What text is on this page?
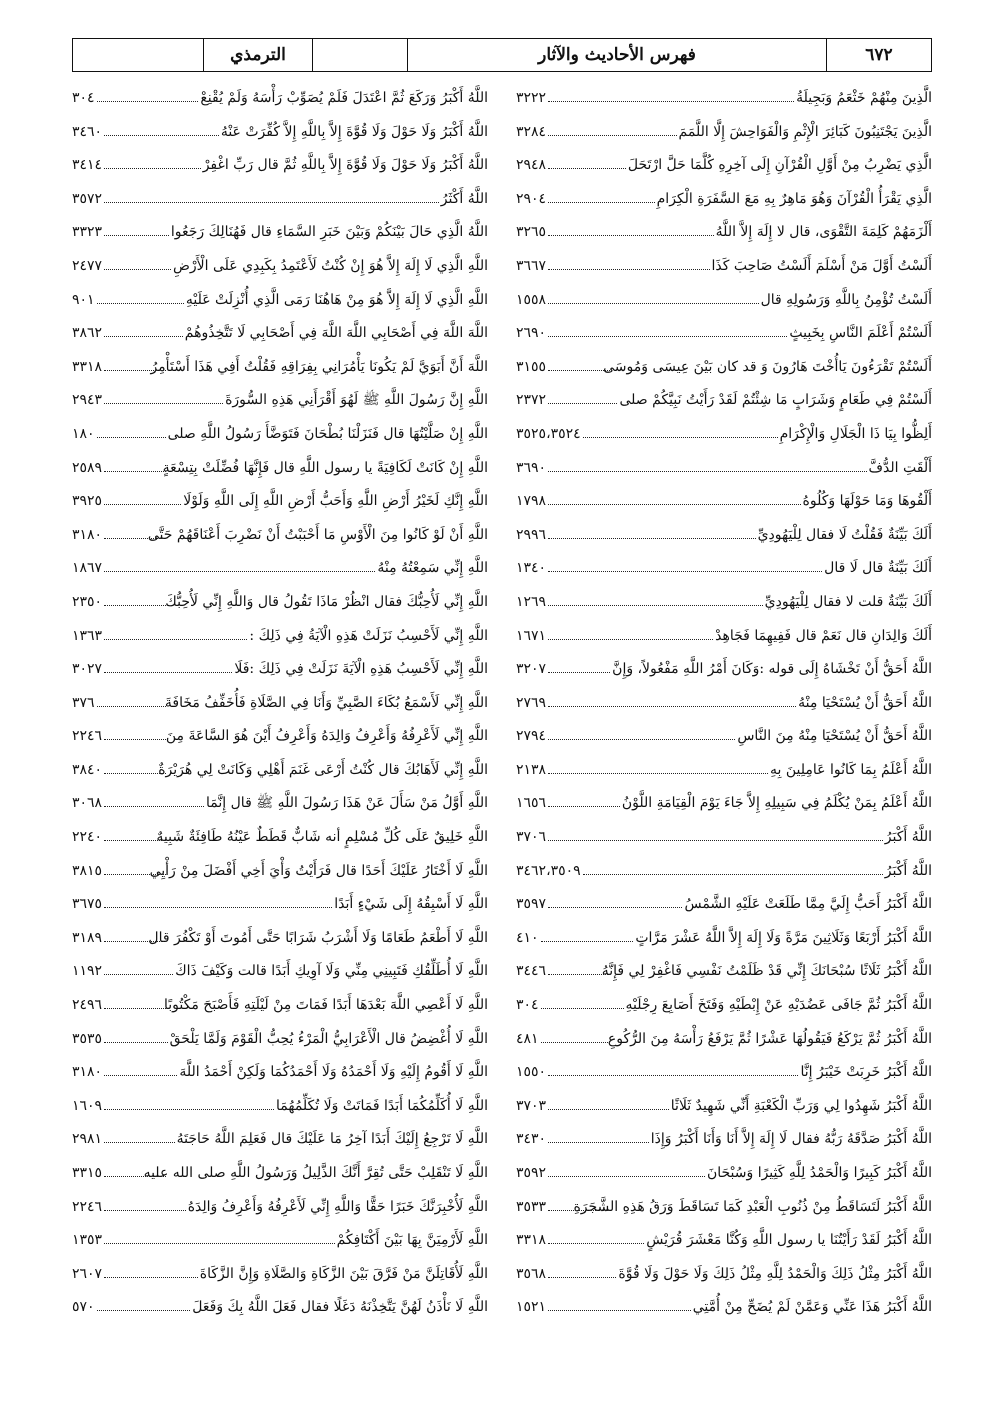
٦٧٢
فهرس الأحاديث والآثار
الترمذي
الَّذِينَ مِنْهُمْ خَثْعَمُ وَبَجِيلَةُ
٣٢٢٢
الَّذِينَ يَجْتَنِبُونَ كَبَائِرَ الْإِثْمِ وَالْفَوَاحِشَ إِلَّا اللَّمَمَ
٣٢٨٤
الَّذِي يَضْرِبُ مِنْ أَوَّلِ الْقُرْآنِ إِلَى آخِرِهِ كُلَّمَا حَلَّ ارْتَحَلَ
٢٩٤٨
الَّذِي يَقْرَأُ الْقُرْآنَ وَهُوَ مَاهِرٌ بِهِ مَعَ السَّفَرَةِ الْكِرَامِ
٢٩٠٤
أَلْزَمَهُمْ كَلِمَةَ التَّقْوَى، قال لا إِلَهَ إِلاَّ اللَّهُ
٣٢٦٥
أَلَسْتُ أَوَّلَ مَنْ أَسْلَمَ أَلَسْتُ صَاحِبَ كَذَا
٣٦٦٧
أَلَسْتُ تُؤْمِنُ بِاللَّهِ وَرَسُولِهِ قال
١٥٥٨
أَلَسْتُمْ أَعْلَمَ النَّاسِ بِخَبِيثٍ
٢٦٩٠
أَلَسْتُمْ تَقْرَءُونَ يَاأُخْتَ هَارُونَ وَ قد كان بَيْنَ عِيسَى وَمُوسَى
٣١٥٥
أَلَسْتُمْ فِي طَعَامٍ وَشَرَابٍ مَا شِئْتُمْ لَقَدْ رَأَيْتُ نَبِيَّكُمْ صلى
٢٣٧٢
أَلِظُّوا بِيَا ذَا الْجَلَالِ وَالْإِكْرَامِ
٣٥٢٥،٣٥٢٤
أَلْقَتِ الدُّفَّ
٣٦٩٠
أَلْقُوهَا وَمَا حَوْلَهَا وَكُلُوهُ
١٧٩٨
أَلَكَ بَيِّنَةٌ فَقُلْتُ لَا فقال لِلْيَهُودِيِّ
٢٩٩٦
أَلَكَ بَيِّنَةٌ قال لَا قال
١٣٤٠
أَلَكَ بَيِّنَةٌ قلت لا فقال لِلْيَهُودِيِّ
١٢٦٩
أَلَكَ وَالِدَانِ قال نَعَمْ قال فَفِيهِمَا فَجَاهِدْ
١٦٧١
اللَّهُ أَحَقُّ أَنْ تَخْشَاهُ إِلَى قوله :وَكَانَ أَمْرُ اللَّهِ مَفْعُولاً، وَإِنَّ
٣٢٠٧
اللَّهُ أَحَقُّ أَنْ يُسْتَحْيَا مِنْهُ
٢٧٦٩
اللَّهُ أَحَقُّ أَنْ يُسْتَحْيَا مِنْهُ مِنَ النَّاسِ
٢٧٩٤
اللَّهُ أَعْلَمُ بِمَا كَانُوا عَامِلِينَ بِهِ
٢١٣٨
اللَّهُ أَعْلَمُ بِمَنْ يُكْلَمُ فِي سَبِيلِهِ إِلاَّ جَاءَ يَوْمَ الْقِيَامَةِ اللَّوْنُ
١٦٥٦
اللَّهُ أَكْبَرُ
٣٧٠٦
اللَّهُ أَكْبَرُ
٣٤٦٢،٣٥٠٩
اللَّهُ أَكْبَرُ أَحَبُّ إِلَيَّ مِمَّا طَلَعَتْ عَلَيْهِ الشَّمْسُ
٣٥٩٧
اللَّهُ أَكْبَرُ أَرْبَعًا وَثَلَاثِينَ مَرَّةً وَلَا إِلَهَ إِلاَّ اللَّهُ عَشْرَ مَرَّاتٍ
٤١٠
اللَّهُ أَكْبَرُ ثَلَاثًا سُبْحَانَكَ إِنِّي قَدْ ظَلَمْتُ نَفْسِي فَاغْفِرْ لِي فَإِنَّهُ
٣٤٤٦
اللَّهُ أَكْبَرُ ثُمَّ جَافَى عَضُدَيْهِ عَنْ إِبْطَيْهِ وَفَتَخَ أَصَابِعَ رِجْلَيْهِ
٣٠٤
اللَّهُ أَكْبَرُ ثُمَّ يَرْكَعُ فَيَقُولُهَا عَشْرًا ثُمَّ يَرْفَعُ رَأْسَهُ مِنَ الرُّكُوعِ
٤٨١
اللَّهُ أَكْبَرُ خَرِبَتْ خَيْبَرُ إِنَّا
١٥٥٠
اللَّهُ أَكْبَرُ شَهِدُوا لِي وَرَبِّ الْكَعْبَةِ أَنِّي شَهِيدٌ ثَلَاثًا
٣٧٠٣
اللَّهُ أَكْبَرُ صَدَّقَهُ رَبُّهُ فقال لَا إِلَهَ إِلاَّ أَنَا وَأَنَا أَكْبَرُ وَإِذَا
٣٤٣٠
اللَّهُ أَكْبَرُ كَبِيرًا وَالْحَمْدُ لِلَّهِ كَثِيرًا وَسُبْحَانَ
٣٥٩٢
اللَّهُ أَكْبَرُ لَتَسَاقَطُ مِنْ ذُنُوبِ الْعَبْدِ كَمَا تَسَاقَطَ وَرَقُ هَذِهِ الشَّجَرَةِ
٣٥٣٣
اللَّهُ أَكْبَرُ لَقَدْ رَأَيْتُنَا يا رسول اللَّهِ وَكُنَّا مَعْشَرَ قُرَيْشٍ
٣٣١٨
اللَّهُ أَكْبَرُ مِثْلُ ذَلِكَ وَالْحَمْدُ لِلَّهِ مِثْلُ ذَلِكَ وَلَا حَوْلَ وَلَا قُوَّةَ
٣٥٦٨
اللَّهُ أَكْبَرُ هَذَا عَنِّي وَعَمَّنْ لَمْ يُضَحِّ مِنْ أُمَّتِي
١٥٢١
اللَّهُ أَكْبَرُ وَرَكَعَ ثُمَّ اعْتَدَلَ فَلَمْ يُصَوِّبْ رَأْسَهُ وَلَمْ يُقْنِعْ
٣٠٤
اللَّهُ أَكْبَرُ وَلَا حَوْلَ وَلَا قُوَّةَ إِلاَّ بِاللَّهِ إِلاَّ كُفِّرَتْ عَنْهُ
٣٤٦٠
اللَّهُ أَكْبَرُ وَلَا حَوْلَ وَلَا قُوَّةَ إِلاَّ بِاللَّهِ ثُمَّ قال رَبِّ اغْفِرْ
٣٤١٤
اللَّهُ أَكْثَرُ
٣٥٧٢
اللَّهُ الَّذِي حَالَ بَيْنَكُمْ وَبَيْنَ خَبَرِ السَّمَاءِ قال فَهُنَالِكَ رَجَعُوا
٣٣٢٣
اللَّهِ الَّذِي لَا إِلَهَ إِلاَّ هُوَ إِنْ كُنْتُ لَأَعْتَمِدُ بِكَبِدِي عَلَى الْأَرْضِ
٢٤٧٧
اللَّهِ الَّذِي لَا إِلَهَ إِلاَّ هُوَ مِنْ هَاهُنَا رَمَى الَّذِي أُنْزِلَتْ عَلَيْهِ
٩٠١
اللَّهَ اللَّهَ فِي أَصْحَابِي اللَّهَ اللَّهَ فِي أَصْحَابِي لَا تَتَّخِذُوهُمْ
٣٨٦٢
اللَّهَ أَنَّ أَبَوَيَّ لَمْ يَكُونَا يَأْمُرَانِي بِفِرَاقِهِ فَقُلْتُ أَفِي هَذَا أَسْتَأْمِرُ
٣٣١٨
اللَّهِ إِنَّ رَسُولَ اللَّهِ ﷺ لَهُوَ أَقْرَأَنِي هَذِهِ السُّورَةَ
٢٩٤٣
اللَّهِ إِنْ صَلَّيْتُهَا قال فَنَزَلْنَا بُطْحَانَ فَتَوَضَّأَ رَسُولُ اللَّهِ صلى
١٨٠
اللَّهِ إِنْ كَانَتْ لَكَافِيَةً يا رسول اللَّهِ قال فَإِنَّهَا فُضِّلَتْ بِتِسْعَةٍ
٢٥٨٩
اللَّهِ إِنَّكِ لَخَيْرُ أَرْضِ اللَّهِ وَأَحَبُّ أَرْضِ اللَّهِ إِلَى اللَّهِ وَلَوْلَا
٣٩٢٥
اللَّهِ أَنْ لَوْ كَانُوا مِنَ الْأَوْسِ مَا أَحْبَبْتُ أَنْ نَضْرِبَ أَعْنَاقَهُمْ حَتَّى
٣١٨٠
اللَّهِ إِنِّي سَمِعْتُهُ مِنْهُ
١٨٦٧
اللَّهِ إِنِّي لَأُحِبُّكَ فقال انْظُرْ مَاذَا تَقُولُ قال وَاللَّهِ إِنِّي لَأُحِبُّكَ
٢٣٥٠
اللَّهِ إِنِّي لَأَحْسِبُ نَزَلَتْ هَذِهِ الْآيَةُ فِي ذَلِكَ :
١٣٦٣
اللَّهِ إِنِّي لَأَحْسِبُ هَذِهِ الْآيَةَ نَزَلَتْ فِي ذَلِكَ :فَلَا
٣٠٢٧
اللَّهِ إِنِّي لَأَسْمَعُ بُكَاءَ الصَّبِيِّ وَأَنَا فِي الصَّلَاةِ فَأُخَفِّفُ مَخَافَةَ
٣٧٦
اللَّهِ إِنِّي لَأَعْرِفُهُ وَأَعْرِفُ وَالِدَهُ وَأَعْرِفُ أَيْنَ هُوَ السَّاعَةَ مِنَ
٢٢٤٦
اللَّهِ إِنِّي لَأَهَابُكَ قال كُنْتُ أَرْعَى غَنَمَ أَهْلِي وَكَانَتْ لِي هُرَيْرَةٌ
٣٨٤٠
اللَّهِ أَوَّلُ مَنْ سَأَلَ عَنْ هَذَا رَسُولَ اللَّهِ ﷺ قال إِنَّمَا
٣٠٦٨
اللَّهِ خَلِيقٌ عَلَى كُلِّ مُسْلِمٍ أنه شَابٌّ قَطَطٌ عَيْنُهُ طَافِئَةٌ شَبِيهٌ
٢٢٤٠
اللَّهِ لَا أَخْتَارُ عَلَيْكَ أَحَدًا قال فَرَأَيْتُ وَأْيَ أَخِي أَفْضَلَ مِنْ رَأْيِي
٣٨١٥
اللَّهِ لَا أَسْبِقُهُ إِلَى شَيْءٍ أَبَدًا
٣٦٧٥
اللَّهِ لَا أَطْعَمُ طَعَامًا وَلَا أَشْرَبُ شَرَابًا حَتَّى أَمُوتَ أَوْ تَكْفُرَ قال
٣١٨٩
اللَّهِ لَا أُطَلِّقُكِ فَتَبِينِي مِنِّي وَلَا آوِيكِ أَبَدًا قالت وَكَيْفَ ذَاكَ
١١٩٢
اللَّهِ لَا أَعْصِي اللَّهَ بَعْدَهَا أَبَدًا فَمَاتَ مِنْ لَيْلَتِهِ فَأَصْبَحَ مَكْتُوبًا
٢٤٩٦
اللَّهِ لَا أُغْضِضُ قال الْأَعْرَابِيُّ الْمَرْءُ يُحِبُّ الْقَوْمَ وَلَمَّا يَلْحَقْ
٣٥٣٥
اللَّهِ لَا أَقُومُ إِلَيْهِ وَلَا أَحْمَدُهُ وَلَا أَحْمَدُكُمَا وَلَكِنْ أَحْمَدُ اللَّهَ
٣١٨٠
اللَّهِ لَا أُكَلِّمُكُمَا أَبَدًا فَمَاتَتْ وَلَا تُكَلِّمُهُمَا
١٦٠٩
اللَّهِ لَا تَرْجِعُ إِلَيْكَ أَبَدًا آخِرُ مَا عَلَيْكَ قال فَعَلِمَ اللَّهُ حَاجَتَهُ
٢٩٨١
اللَّهِ لَا تَنْقَلِبْ حَتَّى تُقِرَّ أَنَّكَ الذَّلِيلُ وَرَسُولُ اللَّهِ صلى الله عليه
٣٣١٥
اللَّهِ لَأُخْبِرَنَّكَ خَبَرًا حَقًّا وَاللَّهِ إِنِّي لَأَعْرِفُهُ وَأَعْرِفُ وَالِدَهُ
٢٢٤٦
اللَّهِ لَأَرْمِيَنَّ بِهَا بَيْنَ أَكْتَافِكُمْ
١٣٥٣
اللَّهِ لَأُقَاتِلَنَّ مَنْ فَرَّقَ بَيْنَ الزَّكَاةِ وَالصَّلَاةِ وَإِنَّ الزَّكَاةَ
٢٦٠٧
اللَّهِ لَا نَأْذَنُ لَهُنَّ يَتَّخِذْنَهُ دَغَلًا فقال فَعَلَ اللَّهُ بِكَ وَفَعَلَ
٥٧٠
